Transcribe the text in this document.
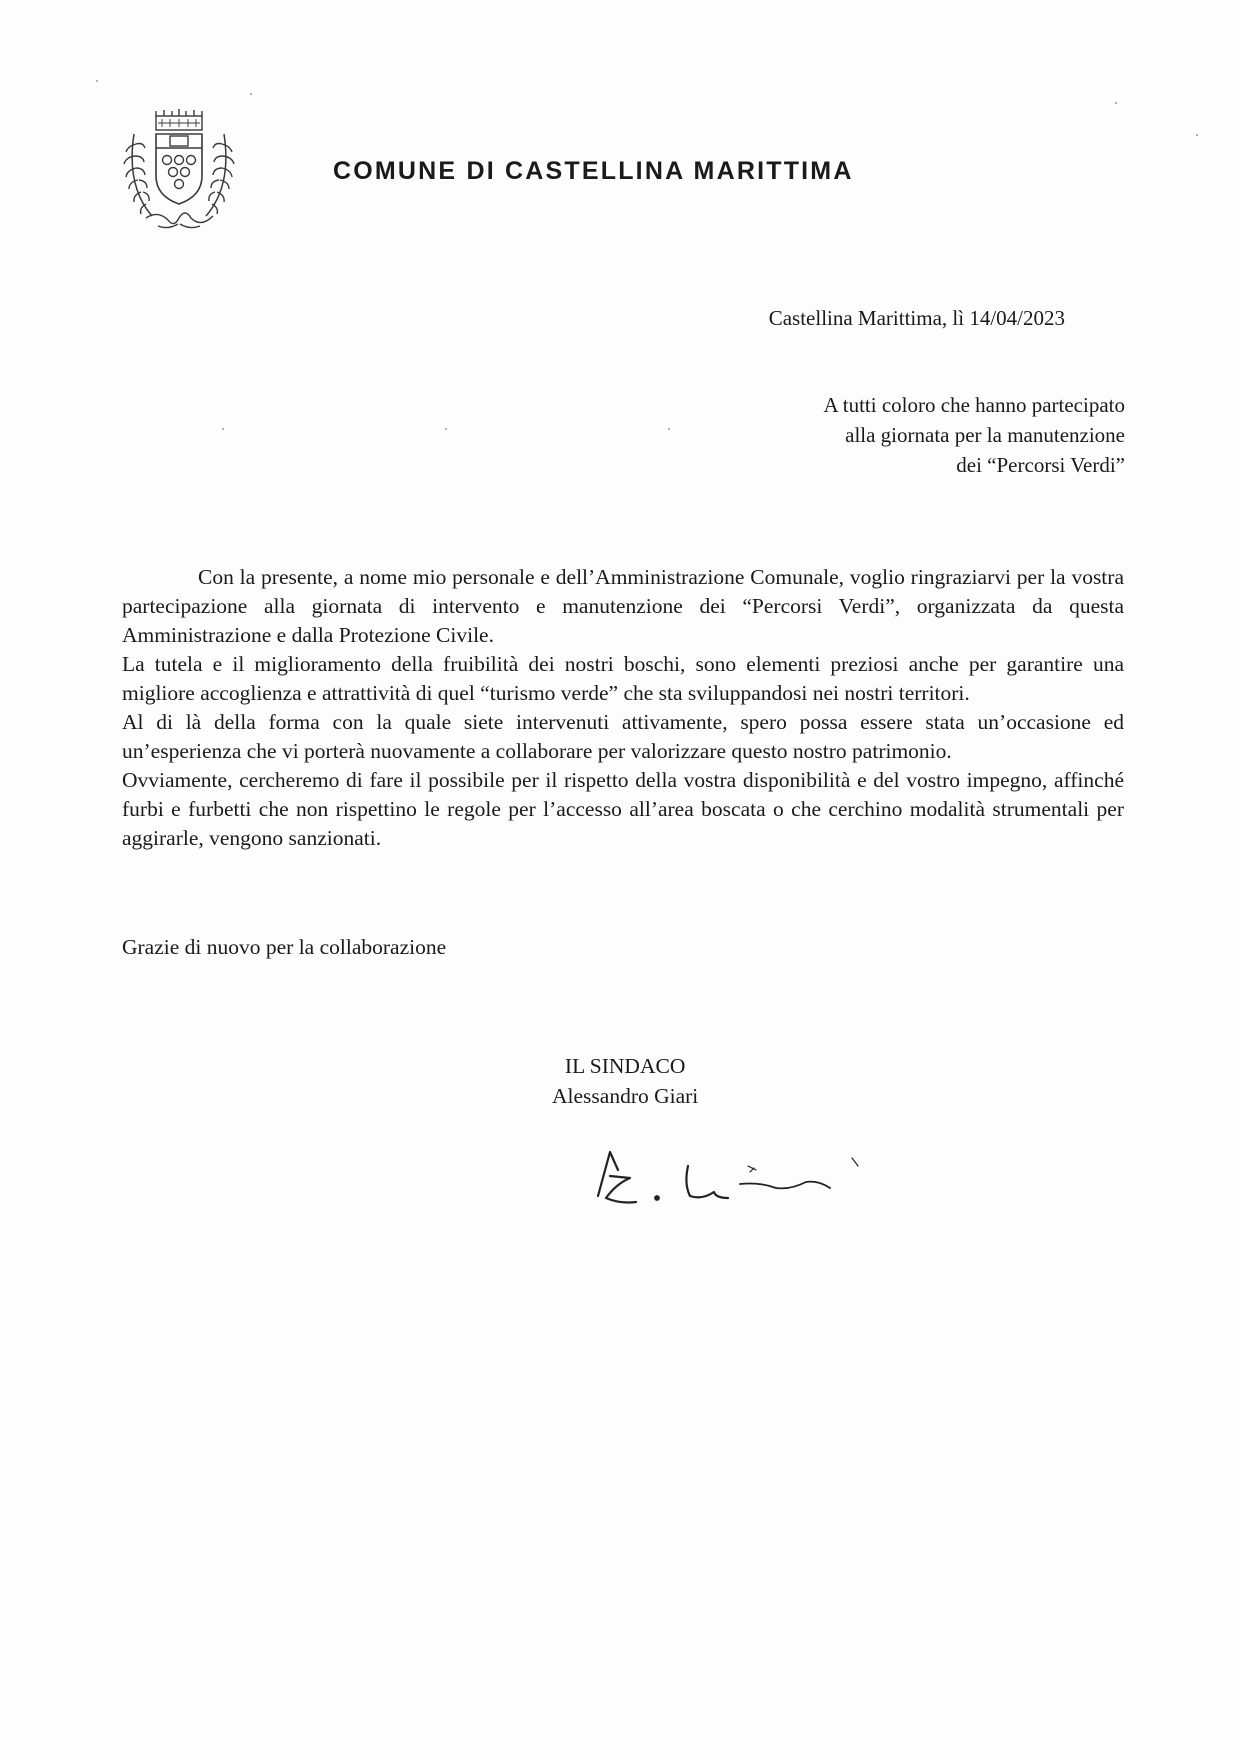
COMUNE DI CASTELLINA MARITTIMA
Castellina Marittima, lì 14/04/2023
A tutti coloro che hanno partecipato
alla giornata per la manutenzione
dei “Percorsi Verdi”

Con la presente, a nome mio personale e dell’Amministrazione Comunale, voglio ringraziarvi per la vostra partecipazione alla giornata di intervento e manutenzione dei “Percorsi Verdi”, organizzata da questa Amministrazione e dalla Protezione Civile.

La tutela e il miglioramento della fruibilità dei nostri boschi, sono elementi preziosi anche per garantire una migliore accoglienza e attrattività di quel “turismo verde” che sta sviluppandosi nei nostri territori.

Al di là della forma con la quale siete intervenuti attivamente, spero possa essere stata un’occasione ed un’esperienza che vi porterà nuovamente a collaborare per valorizzare questo nostro patrimonio.

Ovviamente, cercheremo di fare il possibile per il rispetto della vostra disponibilità e del vostro impegno, affinché furbi e furbetti che non rispettino le regole per l’accesso all’area boscata o che cerchino modalità strumentali per aggirarle, vengono sanzionati.

Grazie di nuovo per la collaborazione
IL SINDACO
Alessandro Giari
